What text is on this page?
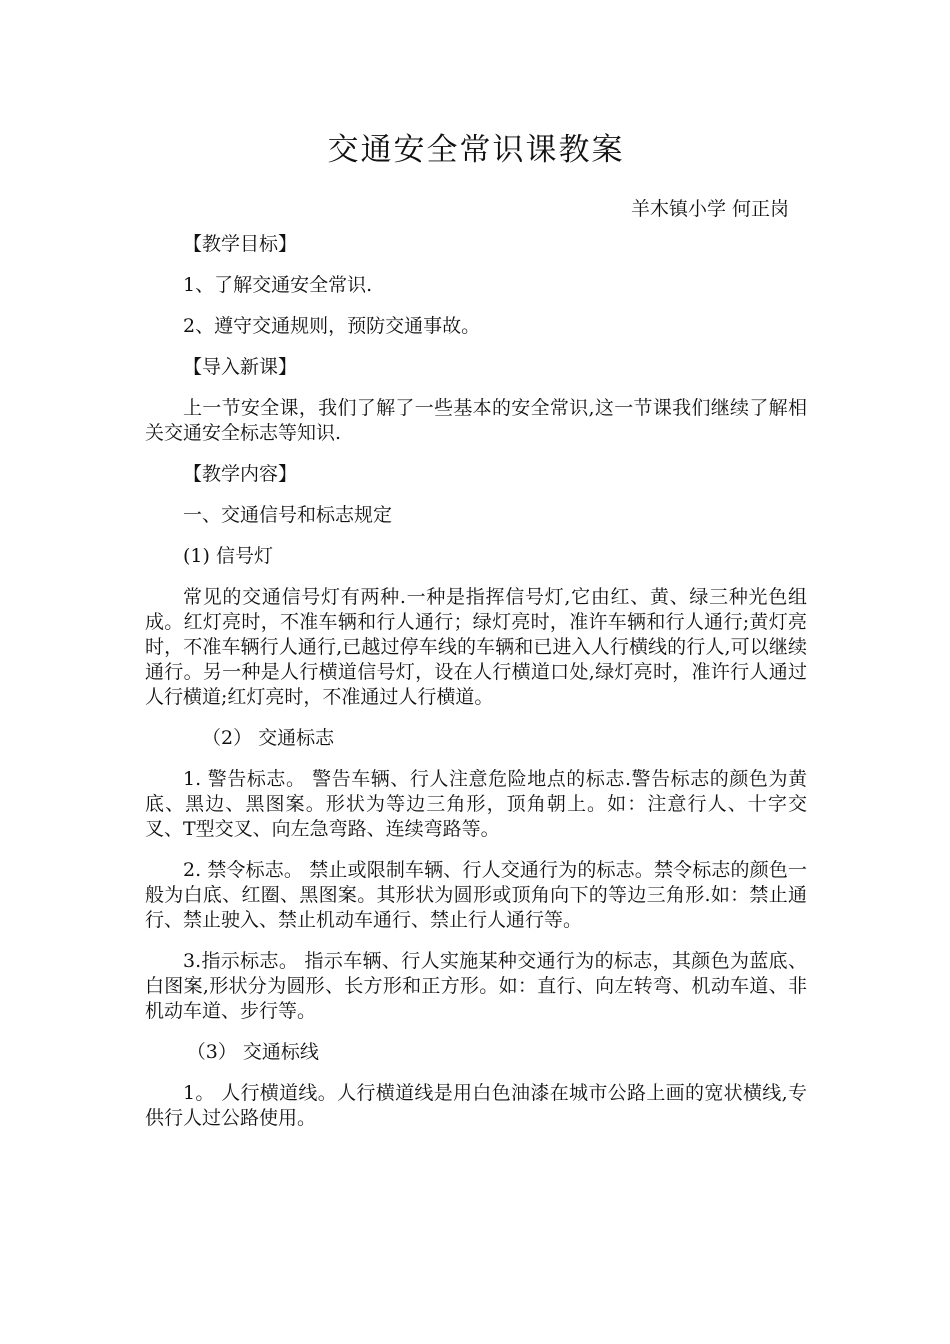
交通安全常识课教案

羊木镇小学 何正岗

【教学目标】

1、了解交通安全常识.

2、遵守交通规则，预防交通事故。

【导入新课】

上一节安全课，我们了解了一些基本的安全常识,这一节课我们继续了解相关交通安全标志等知识.

【教学内容】

一、交通信号和标志规定

(1) 信号灯

常见的交通信号灯有两种.一种是指挥信号灯,它由红、黄、绿三种光色组成。红灯亮时，不准车辆和行人通行；绿灯亮时，准许车辆和行人通行;黄灯亮时，不准车辆行人通行,已越过停车线的车辆和已进入人行横线的行人,可以继续通行。另一种是人行横道信号灯，设在人行横道口处,绿灯亮时，准许行人通过人行横道;红灯亮时，不准通过人行横道。

（2） 交通标志

1. 警告标志。 警告车辆、行人注意危险地点的标志.警告标志的颜色为黄底、黑边、黑图案。形状为等边三角形，顶角朝上。如：注意行人、十字交叉、T型交叉、向左急弯路、连续弯路等。

2. 禁令标志。 禁止或限制车辆、行人交通行为的标志。禁令标志的颜色一般为白底、红圈、黑图案。其形状为圆形或顶角向下的等边三角形.如：禁止通行、禁止驶入、禁止机动车通行、禁止行人通行等。

3.指示标志。 指示车辆、行人实施某种交通行为的标志，其颜色为蓝底、白图案,形状分为圆形、长方形和正方形。如：直行、向左转弯、机动车道、非机动车道、步行等。

（3） 交通标线

1。 人行横道线。人行横道线是用白色油漆在城市公路上画的宽状横线,专供行人过公路使用。
